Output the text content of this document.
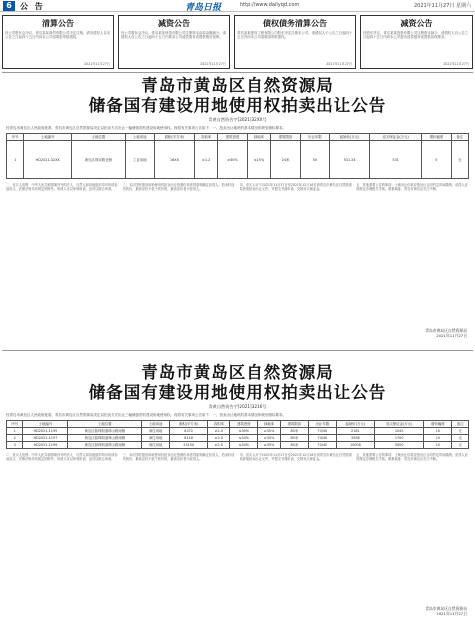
6	公 告	青岛日报	http://www.dailyqd.com	2021年11月27日 星期六
清算公告

经公司股东会决议，青岛某某商贸有限公司决定注销，请各债权人自本公告之日起四十五日内向本公司清算组申报债权。

2021年11月27日
减资公告

经公司股东会决议，青岛某某科技有限公司注册资本由原金额减少，请债权人自公告之日起四十五日内要求公司清偿债务或提供相应担保。

2021年11月27日
债权债务清算公告

青岛某某建设工程有限公司股东决定注销本公司，请债权人于公告之日起四十五日内向本公司清算组申报债权。

2021年11月27日
减资公告

经股东决定，青岛某某投资有限公司注册资本减少，请债权人自公告之日起四十五日内向本公司提出清偿债务或提供担保要求。

2021年11月27日
青岛市黄岛区自然资源局
储备国有建设用地使用权拍卖出让公告
青黄自然资告字[2021]32XX号

经青岛市黄岛区人民政府批准，青岛市黄岛区自然资源局决定以拍卖方式出让一幅储备国有建设用地使用权。现将有关事项公告如下：一、拍卖出让地块的基本情况和规划指标要求。

序号	土地编号	土地位置	土地用途	面积(平方米)	容积率	建筑密度	绿地率	建筑限高	出让年限	起始价(万元)	竞买保证金(万元)	增价幅度	备注
1	HD2021-32XX	黄岛区珠宋路北侧	工业用地	16XX	≥1.2	≥40%	≤15%	24米	50	531.24	531	5	无

二、竞买人范围：中华人民共和国境内外的法人、自然人和其他组织均可申请参加竞买，法律法规另有规定的除外。申请人可以单独申请，也可以联合申请。

三、本次国有建设用地使用权拍卖出让按照价高者得原则确定竞得人。拍卖时设有底价，最高应价不低于底价的，最高应价者为竞得人。

四、竞买人可于2021年11月27日至2021年12月16日到青岛市黄岛区自然资源局获取拍卖出让文件，并提交书面申请，交纳竞买保证金。

五、其他需要公告的事项：土地出让价款应按出让合同约定时间缴纳，竞得人应按规定办理相关手续。联系地址：青岛市黄岛区长江中路。

青岛市黄岛区自然资源局
2021年11月27日
青岛市黄岛区自然资源局
储备国有建设用地使用权拍卖出让公告
青黄自然资告字[2021]3216号

经青岛市黄岛区人民政府批准，青岛市黄岛区自然资源局决定以拍卖方式出让三幅储备国有建设用地使用权。现将有关事项公告如下：一、拍卖出让地块的基本情况和规划指标要求。

序号	土地编号	土地位置	土地用途	面积(平方米)	容积率	建筑密度	绿地率	建筑限高	出让年限	起始价(万元)	竞买保证金(万元)	增价幅度	备注
1	HD2021-1195	黄岛区隐珠街道珠山路南侧	商住用地	6372	≥2.0	≤30%	≥35%	80米	70/40	2181	1045	10	无
2	HD2021-1197	黄岛区隐珠街道珠山路南侧	商住用地	8118	≥2.0	≤30%	≥35%	80米	70/40	3396	1700	10	无
3	HD2021-1199	黄岛区隐珠街道珠山路南侧	商住用地	23150	≥2.0	≤30%	≥35%	80米	70/40	10008	5000	10	无

二、竞买人范围：中华人民共和国境内外的法人、自然人和其他组织均可申请参加竞买，法律法规另有规定的除外。申请人可以单独申请，也可以联合申请。

三、本次国有建设用地使用权拍卖出让按照价高者得原则确定竞得人。拍卖时设有底价，最高应价不低于底价的，最高应价者为竞得人。

四、竞买人可于2021年11月27日至2021年12月16日到青岛市黄岛区自然资源局获取拍卖出让文件，并提交书面申请，交纳竞买保证金。

五、其他需要公告的事项：土地出让价款应按出让合同约定时间缴纳，竞得人应按规定办理相关手续。联系地址：青岛市黄岛区长江中路。

青岛市黄岛区自然资源局
2021年11月27日
